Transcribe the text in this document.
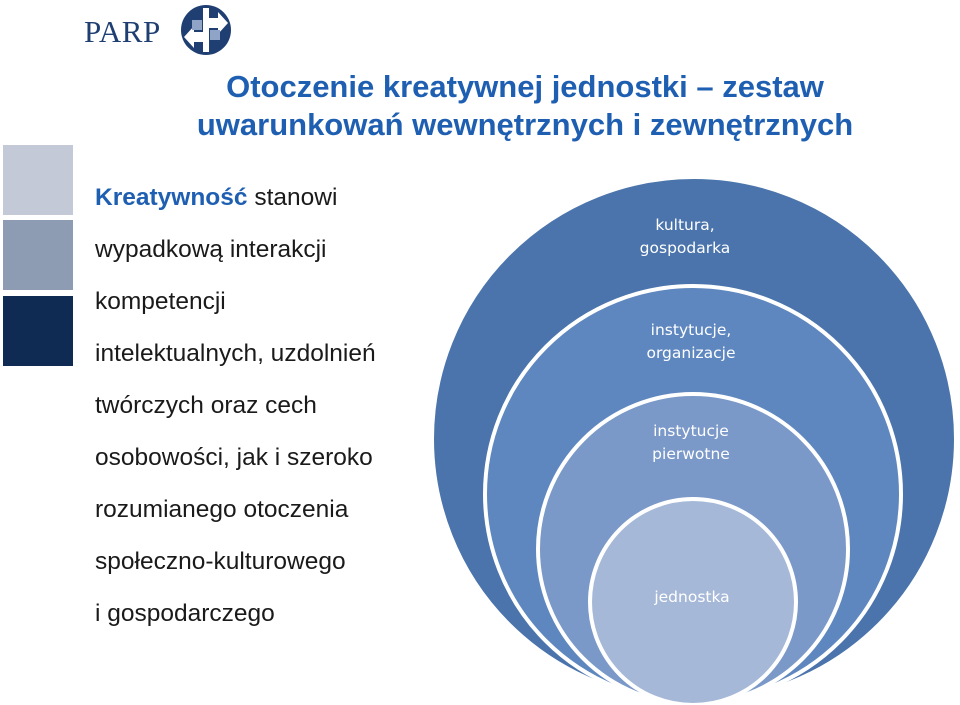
PARP
Otoczenie kreatywnej jednostki – zestaw
uwarunkowań wewnętrznych i zewnętrznych
Kreatywność stanowi
wypadkową interakcji
kompetencji
intelektualnych, uzdolnień
twórczych oraz cech
osobowości, jak i szeroko
rozumianego otoczenia
społeczno-kulturowego
i gospodarczego
kultura,
gospodarka
instytucje,
organizacje
instytucje
pierwotne
jednostka
